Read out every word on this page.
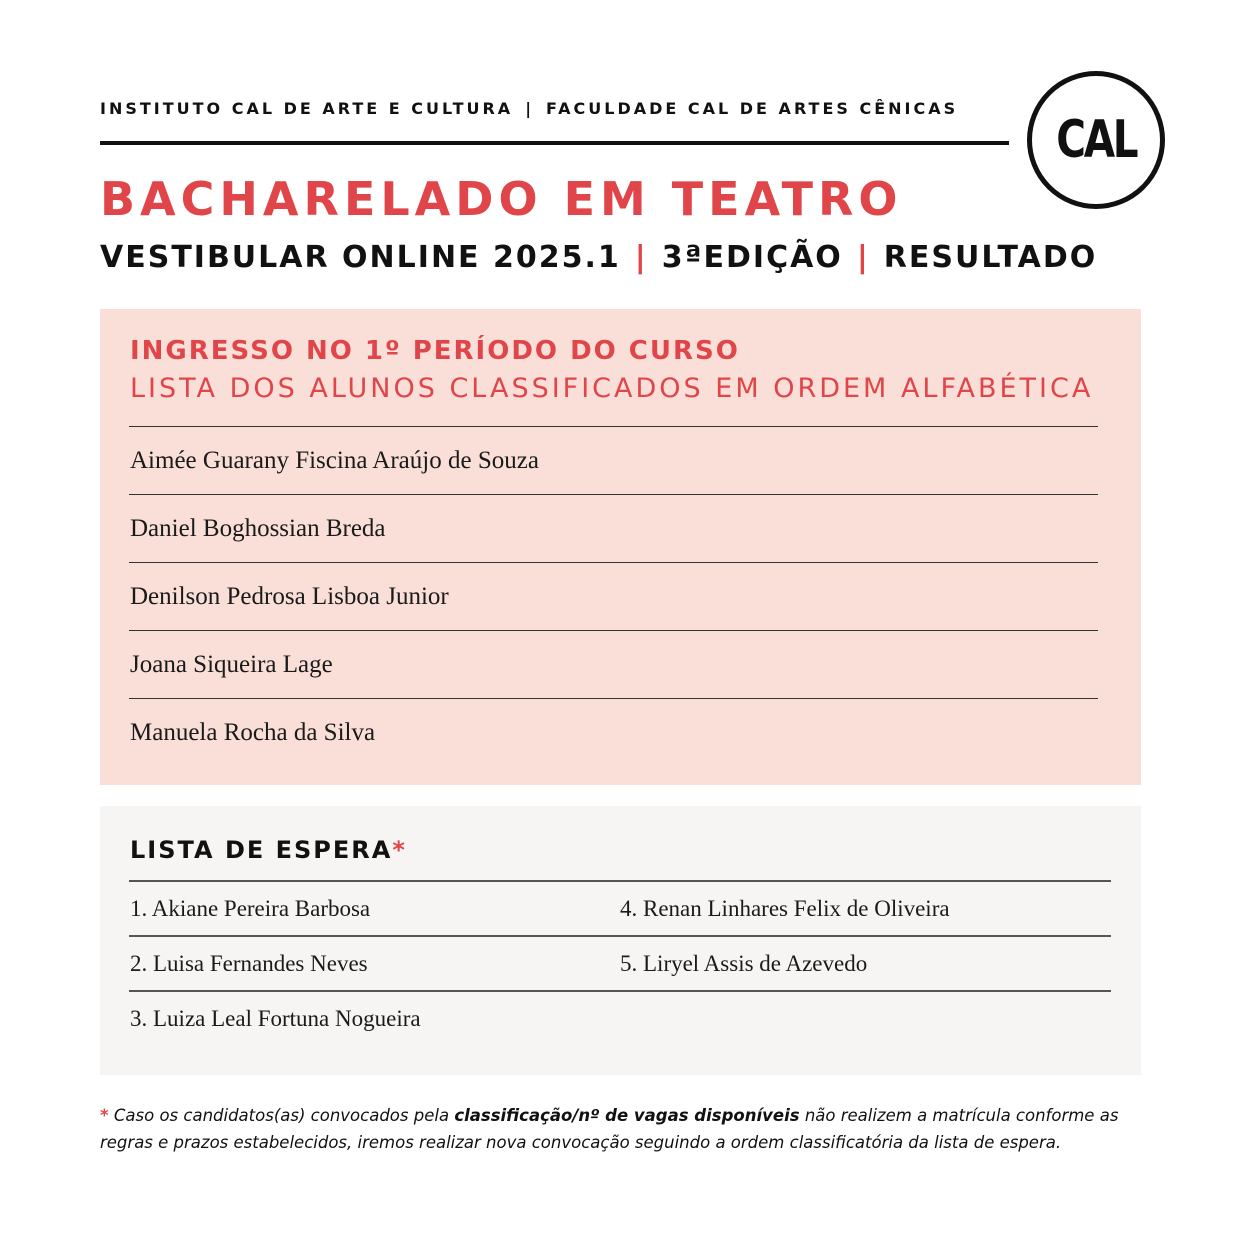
INSTITUTO CAL DE ARTE E CULTURA | FACULDADE CAL DE ARTES CÊNICAS
CAL
BACHARELADO EM TEATRO
VESTIBULAR ONLINE 2025.1 | 3ªEDIÇÃO | RESULTADO
INGRESSO NO 1º PERÍODO DO CURSO
LISTA DOS ALUNOS CLASSIFICADOS EM ORDEM ALFABÉTICA
Aimée Guarany Fiscina Araújo de Souza
Daniel Boghossian Breda
Denilson Pedrosa Lisboa Junior
Joana Siqueira Lage
Manuela Rocha da Silva
LISTA DE ESPERA*
1. Akiane Pereira Barbosa
2. Luisa Fernandes Neves
3. Luiza Leal Fortuna Nogueira
4. Renan Linhares Felix de Oliveira
5. Liryel Assis de Azevedo
* Caso os candidatos(as) convocados pela classificação/nº de vagas disponíveis não realizem a matrícula conforme as regras e prazos estabelecidos, iremos realizar nova convocação seguindo a ordem classificatória da lista de espera.
